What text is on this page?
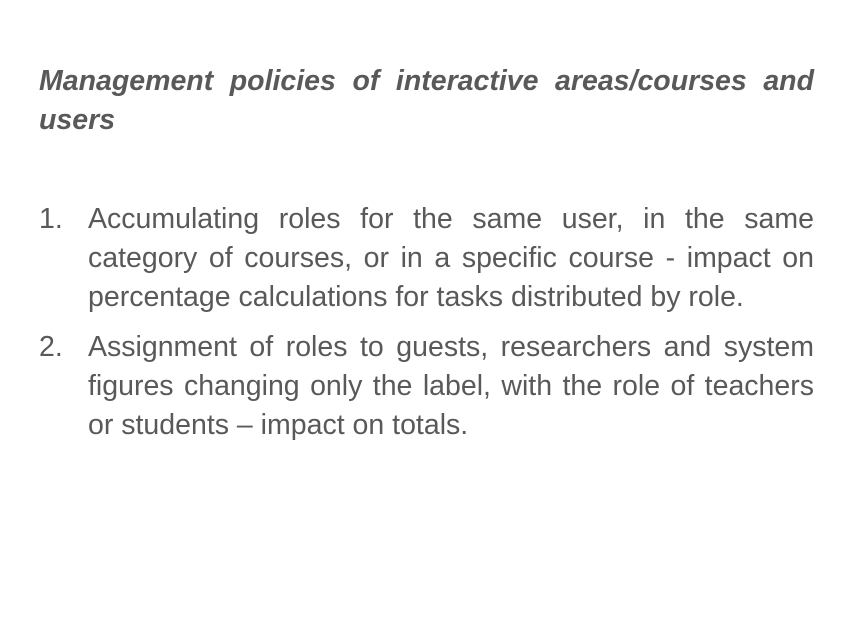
Management policies of interactive areas/courses and users
1. Accumulating roles for the same user, in the same category of courses, or in a specific course - impact on percentage calculations for tasks distributed by role.
2. Assignment of roles to guests, researchers and system figures changing only the label, with the role of teachers or students – impact on totals.
